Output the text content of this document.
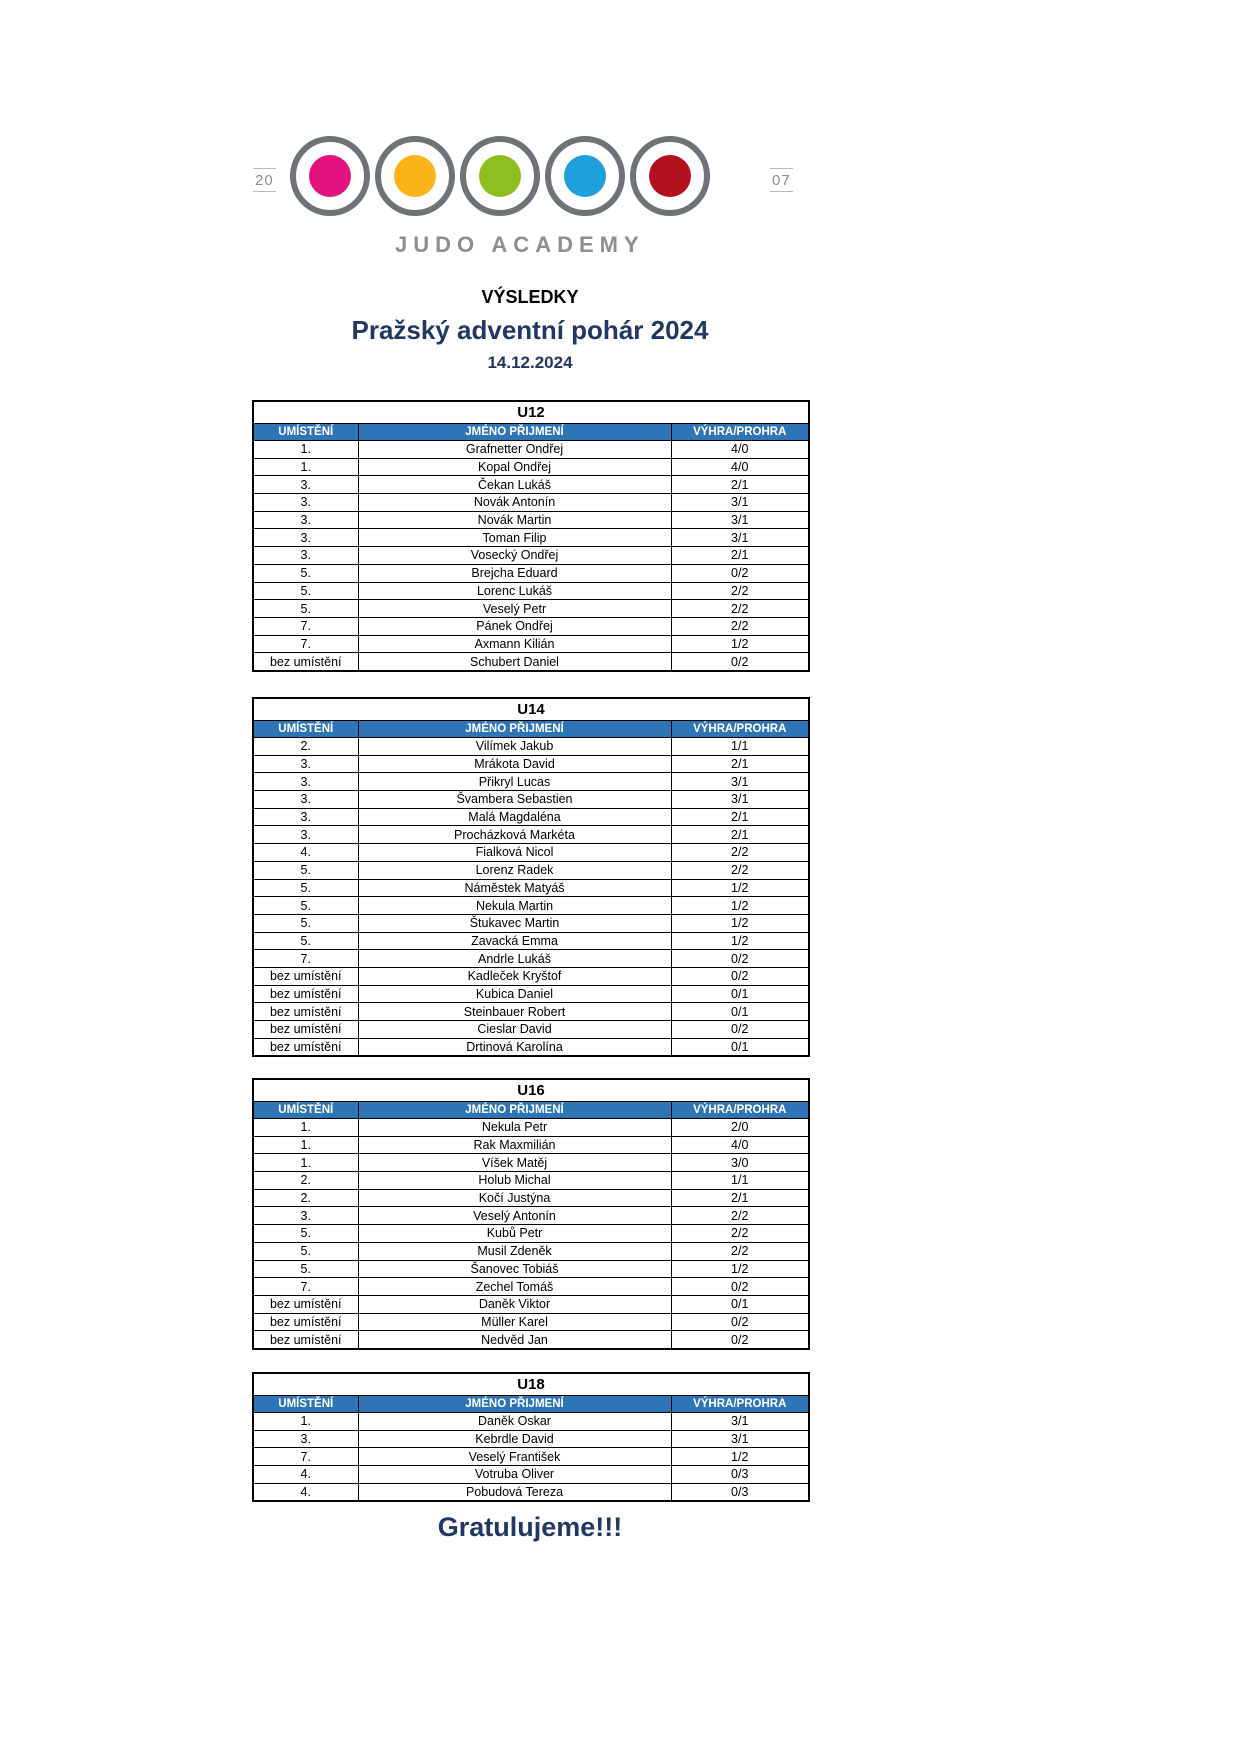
20	07
JUDO ACADEMY
VÝSLEDKY
Pražský adventní pohár 2024
14.12.2024
U12		
UMÍSTĚNÍ	JMÉNO PŘIJMENÍ	VÝHRA/PROHRA
1.	Grafnetter Ondřej	4/0
1.	Kopal Ondřej	4/0
3.	Čekan Lukáš	2/1
3.	Novák Antonín	3/1
3.	Novák Martin	3/1
3.	Toman Filip	3/1
3.	Vosecký Ondřej	2/1
5.	Brejcha Eduard	0/2
5.	Lorenc Lukáš	2/2
5.	Veselý Petr	2/2
7.	Pánek Ondřej	2/2
7.	Axmann Kilián	1/2
bez umístění	Schubert Daniel	0/2
U14		
UMÍSTĚNÍ	JMÉNO PŘIJMENÍ	VÝHRA/PROHRA
2.	Vilímek Jakub	1/1
3.	Mrákota David	2/1
3.	Přikryl Lucas	3/1
3.	Švambera Sebastien	3/1
3.	Malá Magdaléna	2/1
3.	Procházková Markéta	2/1
4.	Fialková Nicol	2/2
5.	Lorenz Radek	2/2
5.	Náměstek Matyáš	1/2
5.	Nekula Martin	1/2
5.	Štukavec Martin	1/2
5.	Zavacká Emma	1/2
7.	Andrle Lukáš	0/2
bez umístění	Kadleček Kryštof	0/2
bez umístění	Kubica Daniel	0/1
bez umístění	Steinbauer Robert	0/1
bez umístění	Cieslar David	0/2
bez umístění	Drtinová Karolína	0/1
U16		
UMÍSTĚNÍ	JMÉNO PŘIJMENÍ	VÝHRA/PROHRA
1.	Nekula Petr	2/0
1.	Rak Maxmilián	4/0
1.	Víšek Matěj	3/0
2.	Holub Michal	1/1
2.	Kočí Justýna	2/1
3.	Veselý Antonín	2/2
5.	Kubů Petr	2/2
5.	Musil Zdeněk	2/2
5.	Šanovec Tobiáš	1/2
7.	Zechel Tomáš	0/2
bez umístění	Daněk Viktor	0/1
bez umístění	Müller Karel	0/2
bez umístění	Nedvěd Jan	0/2
U18		
UMÍSTĚNÍ	JMÉNO PŘIJMENÍ	VÝHRA/PROHRA
1.	Daněk Oskar	3/1
3.	Kebrdle David	3/1
7.	Veselý František	1/2
4.	Votruba Oliver	0/3
4.	Pobudová Tereza	0/3
Gratulujeme!!!
